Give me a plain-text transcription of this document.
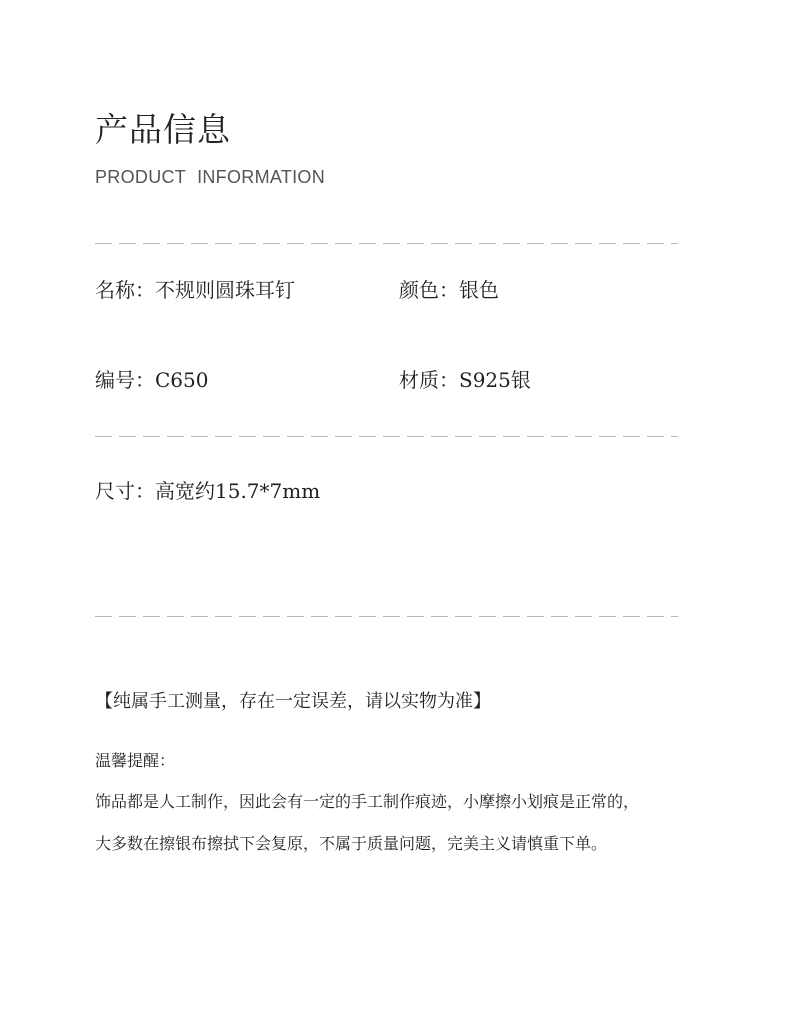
产品信息
PRODUCT INFORMATION
名称：不规则圆珠耳钉	颜色：银色
编号：C650	材质：S925银
尺寸：高宽约15.7*7mm
【纯属手工测量，存在一定误差，请以实物为准】
温馨提醒：
饰品都是人工制作，因此会有一定的手工制作痕迹，小摩擦小划痕是正常的，
大多数在擦银布擦拭下会复原，不属于质量问题，完美主义请慎重下单。
